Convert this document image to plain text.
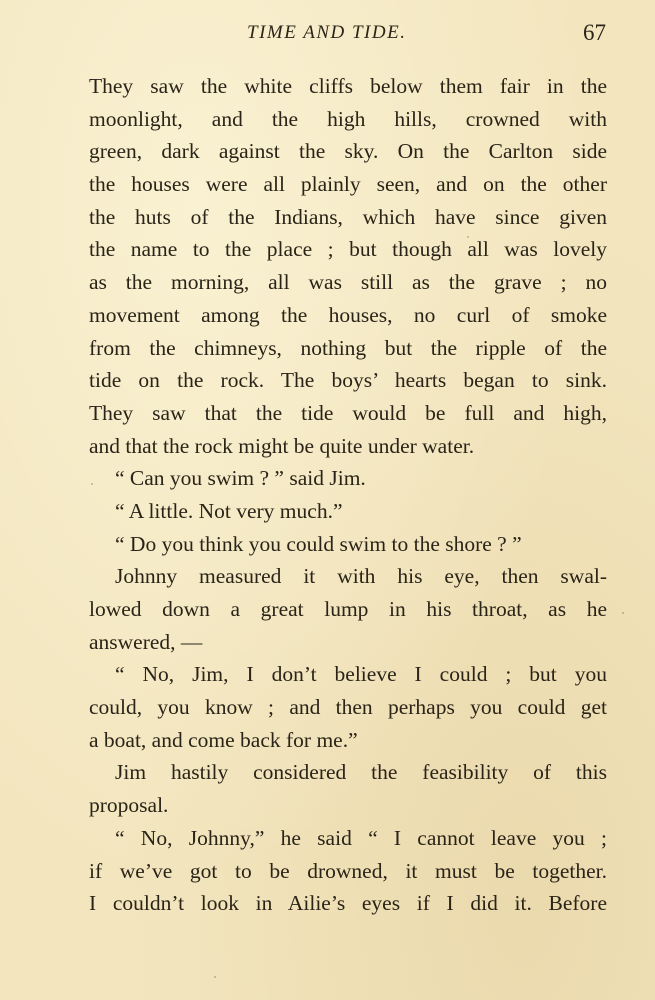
TIME AND TIDE.	67
They saw the white cliffs below them fair in the
moonlight, and the high hills, crowned with
green, dark against the sky. On the Carlton side
the houses were all plainly seen, and on the other
the huts of the Indians, which have since given
the name to the place ; but though all was lovely
as the morning, all was still as the grave ; no
movement among the houses, no curl of smoke
from the chimneys, nothing but the ripple of the
tide on the rock. The boys’ hearts began to sink.
They saw that the tide would be full and high,
and that the rock might be quite under water.
“ Can you swim ? ” said Jim.
“ A little. Not very much.”
“ Do you think you could swim to the shore ? ”
Johnny measured it with his eye, then swal-
lowed down a great lump in his throat, as he
answered, —
“ No, Jim, I don’t believe I could ; but you
could, you know ; and then perhaps you could get
a boat, and come back for me.”
Jim hastily considered the feasibility of this
proposal.
“ No, Johnny,” he said “ I cannot leave you ;
if we’ve got to be drowned, it must be together.
I couldn’t look in Ailie’s eyes if I did it. Before
